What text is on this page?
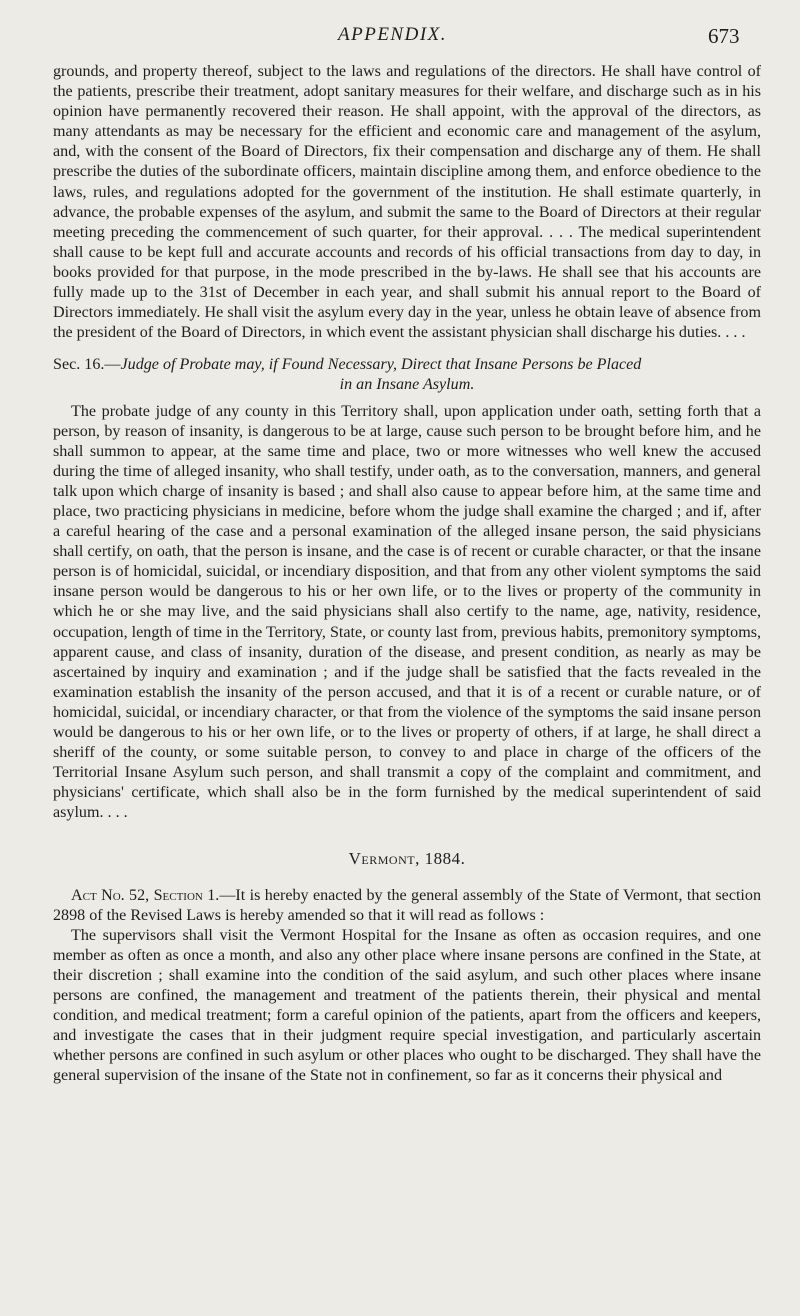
APPENDIX.	673

grounds, and property thereof, subject to the laws and regulations of the directors. He shall have control of the patients, prescribe their treatment, adopt sanitary measures for their welfare, and discharge such as in his opinion have permanently recovered their reason. He shall appoint, with the approval of the directors, as many attendants as may be necessary for the efficient and economic care and management of the asylum, and, with the consent of the Board of Directors, fix their compensation and discharge any of them. He shall prescribe the duties of the subordinate officers, maintain discipline among them, and enforce obedience to the laws, rules, and regulations adopted for the government of the institution. He shall estimate quarterly, in advance, the probable expenses of the asylum, and submit the same to the Board of Directors at their regular meeting preceding the commencement of such quarter, for their approval. . . . The medical superintendent shall cause to be kept full and accurate accounts and records of his official transactions from day to day, in books provided for that purpose, in the mode prescribed in the by-laws. He shall see that his accounts are fully made up to the 31st of December in each year, and shall submit his annual report to the Board of Directors immediately. He shall visit the asylum every day in the year, unless he obtain leave of absence from the president of the Board of Directors, in which event the assistant physician shall discharge his duties. . . .

Sec. 16.—Judge of Probate may, if Found Necessary, Direct that Insane Persons be Placed

in an Insane Asylum.

The probate judge of any county in this Territory shall, upon application under oath, setting forth that a person, by reason of insanity, is dangerous to be at large, cause such person to be brought before him, and he shall summon to appear, at the same time and place, two or more witnesses who well knew the accused during the time of alleged insanity, who shall testify, under oath, as to the conversation, manners, and general talk upon which charge of insanity is based ; and shall also cause to appear before him, at the same time and place, two practicing physicians in medicine, before whom the judge shall examine the charged ; and if, after a careful hearing of the case and a personal examination of the alleged insane person, the said physicians shall certify, on oath, that the person is insane, and the case is of recent or curable character, or that the insane person is of homicidal, suicidal, or incendiary disposition, and that from any other violent symptoms the said insane person would be dangerous to his or her own life, or to the lives or property of the community in which he or she may live, and the said physicians shall also certify to the name, age, nativity, residence, occupation, length of time in the Territory, State, or county last from, previous habits, premonitory symptoms, apparent cause, and class of insanity, duration of the disease, and present condition, as nearly as may be ascertained by inquiry and examination ; and if the judge shall be satisfied that the facts revealed in the examination establish the insanity of the person accused, and that it is of a recent or curable nature, or of homicidal, suicidal, or incendiary character, or that from the violence of the symptoms the said insane person would be dangerous to his or her own life, or to the lives or property of others, if at large, he shall direct a sheriff of the county, or some suitable person, to convey to and place in charge of the officers of the Territorial Insane Asylum such person, and shall transmit a copy of the complaint and commitment, and physicians' certificate, which shall also be in the form furnished by the medical superintendent of said asylum. . . .

Vermont, 1884.

Act No. 52, Section 1.—It is hereby enacted by the general assembly of the State of Vermont, that section 2898 of the Revised Laws is hereby amended so that it will read as follows :

The supervisors shall visit the Vermont Hospital for the Insane as often as occasion requires, and one member as often as once a month, and also any other place where insane persons are confined in the State, at their discretion ; shall examine into the condition of the said asylum, and such other places where insane persons are confined, the management and treatment of the patients therein, their physical and mental condition, and medical treatment; form a careful opinion of the patients, apart from the officers and keepers, and investigate the cases that in their judgment require special investigation, and particularly ascertain whether persons are confined in such asylum or other places who ought to be discharged. They shall have the general supervision of the insane of the State not in confinement, so far as it concerns their physical and
